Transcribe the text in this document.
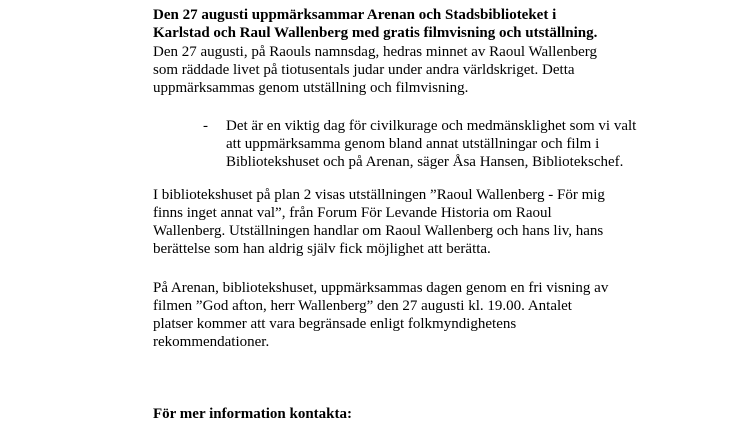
Den 27 augusti uppmärksammar Arenan och Stadsbiblioteket i
Karlstad och Raul Wallenberg med gratis filmvisning och utställning.
Den 27 augusti, på Raouls namnsdag, hedras minnet av Raoul Wallenberg
som räddade livet på tiotusentals judar under andra världskriget. Detta
uppmärksammas genom utställning och filmvisning.
- Det är en viktig dag för civilkurage och medmänsklighet som vi valt
att uppmärksamma genom bland annat utställningar och film i
Bibliotekshuset och på Arenan, säger Åsa Hansen, Bibliotekschef.
I bibliotekshuset på plan 2 visas utställningen ”Raoul Wallenberg - För mig
finns inget annat val”, från Forum För Levande Historia om Raoul
Wallenberg. Utställningen handlar om Raoul Wallenberg och hans liv, hans
berättelse som han aldrig själv fick möjlighet att berätta.
På Arenan, bibliotekshuset, uppmärksammas dagen genom en fri visning av
filmen ”God afton, herr Wallenberg” den 27 augusti kl. 19.00. Antalet
platser kommer att vara begränsade enligt folkmyndighetens
rekommendationer.
För mer information kontakta:
